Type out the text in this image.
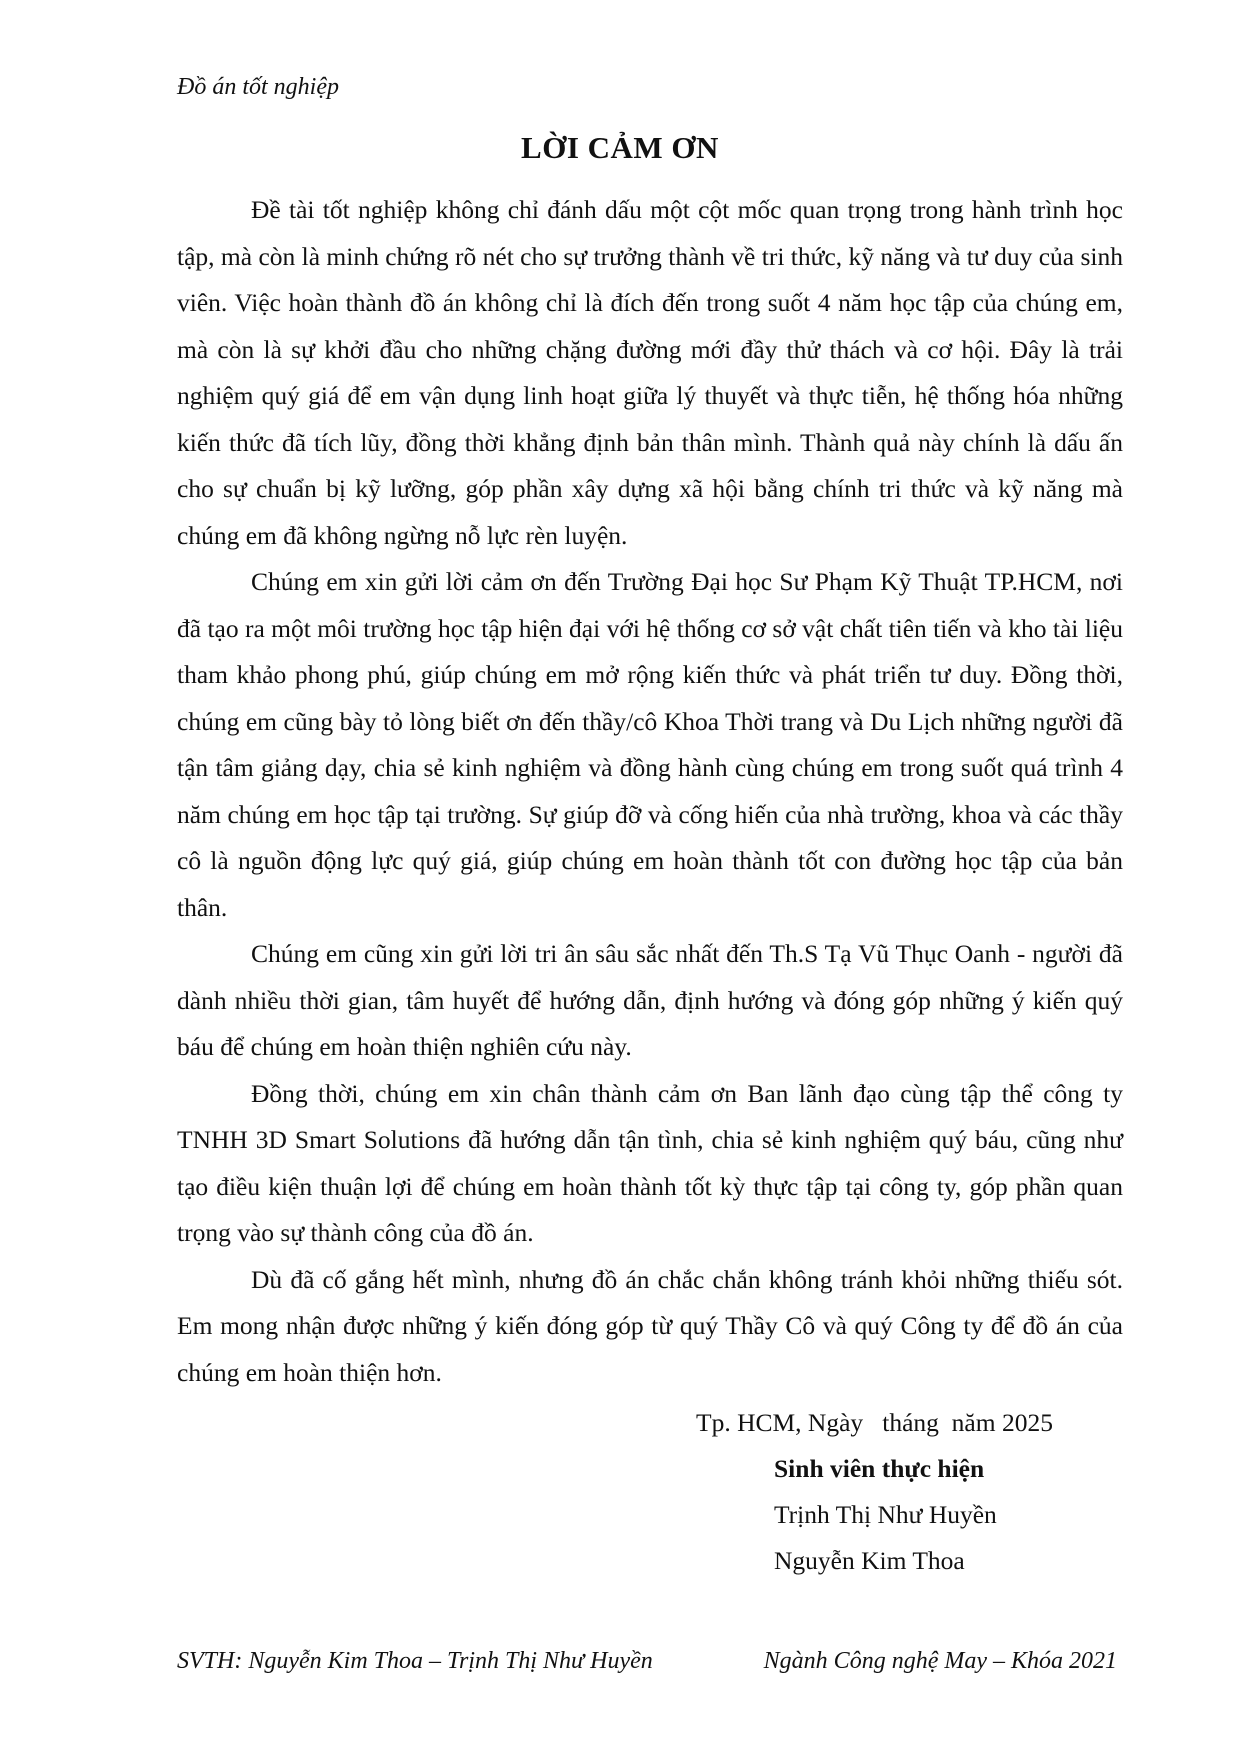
Đồ án tốt nghiệp
LỜI CẢM ƠN

Đề tài tốt nghiệp không chỉ đánh dấu một cột mốc quan trọng trong hành trình học tập, mà còn là minh chứng rõ nét cho sự trưởng thành về tri thức, kỹ năng và tư duy của sinh viên. Việc hoàn thành đồ án không chỉ là đích đến trong suốt 4 năm học tập của chúng em, mà còn là sự khởi đầu cho những chặng đường mới đầy thử thách và cơ hội. Đây là trải nghiệm quý giá để em vận dụng linh hoạt giữa lý thuyết và thực tiễn, hệ thống hóa những kiến thức đã tích lũy, đồng thời khẳng định bản thân mình. Thành quả này chính là dấu ấn cho sự chuẩn bị kỹ lưỡng, góp phần xây dựng xã hội bằng chính tri thức và kỹ năng mà chúng em đã không ngừng nỗ lực rèn luyện.

Chúng em xin gửi lời cảm ơn đến Trường Đại học Sư Phạm Kỹ Thuật TP.HCM, nơi đã tạo ra một môi trường học tập hiện đại với hệ thống cơ sở vật chất tiên tiến và kho tài liệu tham khảo phong phú, giúp chúng em mở rộng kiến thức và phát triển tư duy. Đồng thời, chúng em cũng bày tỏ lòng biết ơn đến thầy/cô Khoa Thời trang và Du Lịch những người đã tận tâm giảng dạy, chia sẻ kinh nghiệm và đồng hành cùng chúng em trong suốt quá trình 4 năm chúng em học tập tại trường. Sự giúp đỡ và cống hiến của nhà trường, khoa và các thầy cô là nguồn động lực quý giá, giúp chúng em hoàn thành tốt con đường học tập của bản thân.

Chúng em cũng xin gửi lời tri ân sâu sắc nhất đến Th.S Tạ Vũ Thục Oanh - người đã dành nhiều thời gian, tâm huyết để hướng dẫn, định hướng và đóng góp những ý kiến quý báu để chúng em hoàn thiện nghiên cứu này.

Đồng thời, chúng em xin chân thành cảm ơn Ban lãnh đạo cùng tập thể công ty TNHH 3D Smart Solutions đã hướng dẫn tận tình, chia sẻ kinh nghiệm quý báu, cũng như tạo điều kiện thuận lợi để chúng em hoàn thành tốt kỳ thực tập tại công ty, góp phần quan trọng vào sự thành công của đồ án.

Dù đã cố gắng hết mình, nhưng đồ án chắc chắn không tránh khỏi những thiếu sót. Em mong nhận được những ý kiến đóng góp từ quý Thầy Cô và quý Công ty để đồ án của chúng em hoàn thiện hơn.

Tp. HCM, Ngày   tháng  năm 2025
Sinh viên thực hiện
Trịnh Thị Như Huyền
Nguyễn Kim Thoa
SVTH: Nguyễn Kim Thoa – Trịnh Thị Như Huyền	Ngành Công nghệ May – Khóa 2021
